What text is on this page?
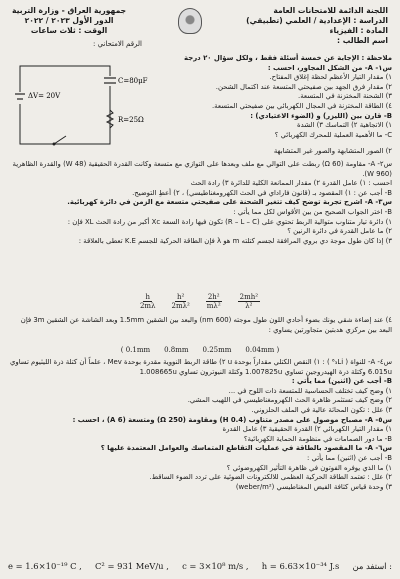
اللجنة الدائمة للامتحانات العامة
الدراسة : الإعدادية / العلمي (تطبيقي)
المادة : الفيزياء
اسم الطالب :
جمهورية العراق - وزارة التربية
الدور الأول ٢٠٢٣ / ٢٠٢٢
الوقت : ثلاث ساعات
الرقم الامتحاني :
ΔV= 20V
C=80μF
R=25Ω
ملاحظة : الإجابة عن خمسة أسئلة فقط ، ولكل سؤال ٢٠ درجة
س١- A- من الشكل المجاور، احسب :
١) مقدار التيار الأعظم لحظة إغلاق المفتاح.
٢) مقدار فرق الجهد بين صفيحتي المتسعة عند اكتمال الشحن.
٣) الشحنة المختزنة في المتسعة.
٤) الطاقة المختزنة في المجال الكهربائي بين صفيحتي المتسعة.
B- قارن بين (الليزر) و (الضوء الاعتيادي) :
١) الاتجاهية ٢) التماسك ٣) الشدة
C- ما الأهمية العملية للمحرك الكهربائي ؟
٢) الصور المتشابهة والصور غير المتشابهة
س٢- A- مقاومة (60 Ω) ربطت على التوالي مع ملف وبعدها على التوازي مع متسعة وكانت القدرة الحقيقية (48 W) والقدرة الظاهرية (960 W).
احسب : ١) عامل القدرة ٢) مقدار الممانعة الكلية للدائرة ٣) رادة الحث
B- أجب عن : ١) المقصود بـ (قانون فاراداي في الحث الكهرومغناطيسي) ، ٢) أعطِ التوضيح.
س٣- A- اشرح تجربة توضح كيف تتغير الشحنة على صفيحتي متسعة مع الزمن في دائرة كهربائية.
B- اختر الجواب الصحيح من بين الأقواس لكل مما يأتي :
١) دائرة تيار متناوب متوالية الربط تحتوي على (R – L – C) تكون فيها رادة السعة Xc أكبر من رادة الحث XL فإن :
٢) ما عامل القدرة في دائرة الرنين ؟
٣) إذا كان طول موجة دي بروي المرافقة لجسم كتلته m هو λ فإن الطاقة الحركية للجسم K.E تعطى بالعلاقة :
$\frac{h}{2m\lambda} \frac{\text{h²}}{\text{2mλ²}} \frac{\text{2h²}}{\text{mλ²}} \frac{\text{2mh²}}{\text{λ²}}$
٤) عند إضاءة شقي يونك بضوء أحادي اللون طول موجته (600 nm) والبعد بين الشقين 1.5mm وبعد الشاشة عن الشقين 3m فإن البعد بين مركزي هدبتين متجاورتين يساوي :
( 0.1mm 0.8mm 0.25mm 0.04mm )
س٤- A- للنواة ( ⁶₃Li ) : ١) النقص الكتلي مقداراً بوحدة u ٢) طاقة الربط النووية مقدرة بوحدة Mev ، علماً أن كتلة ذرة الليثيوم تساوي 6.015u وكتلة ذرة الهيدروجين تساوي 1.007825u وكتلة النيوترون تساوي 1.008665u
B- أجب عن (اثنين) مما يأتي :
١) وضح كيف تختلف الحساسية للمتسعة ذات اللوح في ...
٢) وضح كيف تستثمر ظاهرة الحث الكهرومغناطيسي في اللهيب المشي.
٣) علل : تكون المحاثة عالية في الملف الحلزوني.
س٥- A- مصباح موصول على مصدر متناوب (0.4 H) ومقاومة (250 Ω) ومتسعة (6 A) ، احسب :
١) مقدار التيار الكهربائي ٢) القدرة الحقيقية ٣) عامل القدرة
B- ما دور الصمامات في منظومة الحماية الكهربائية؟
س٦- A- ما المقصود بالطاقة في عمليات التقاطع المتماسك والعوامل المعتمدة عليها ؟
B- أجب عن (اثنين) مما يأتي :
١) ما الذي يوفره الفوتون في ظاهرة التأثير الكهروضوئي ؟
٢) علل : تعتمد الطاقة الحركية العظمى للالكترونات الضوئية على تردد الضوء الساقط.
٣) وحدة قياس كثافة الفيض المغناطيسي (weber/m²)
e = 1.6×10⁻¹⁹ C , C² = 931 MeV/u , c = 3×10⁸ m/s , h = 6.63×10⁻³⁴ J.s استفد من :
